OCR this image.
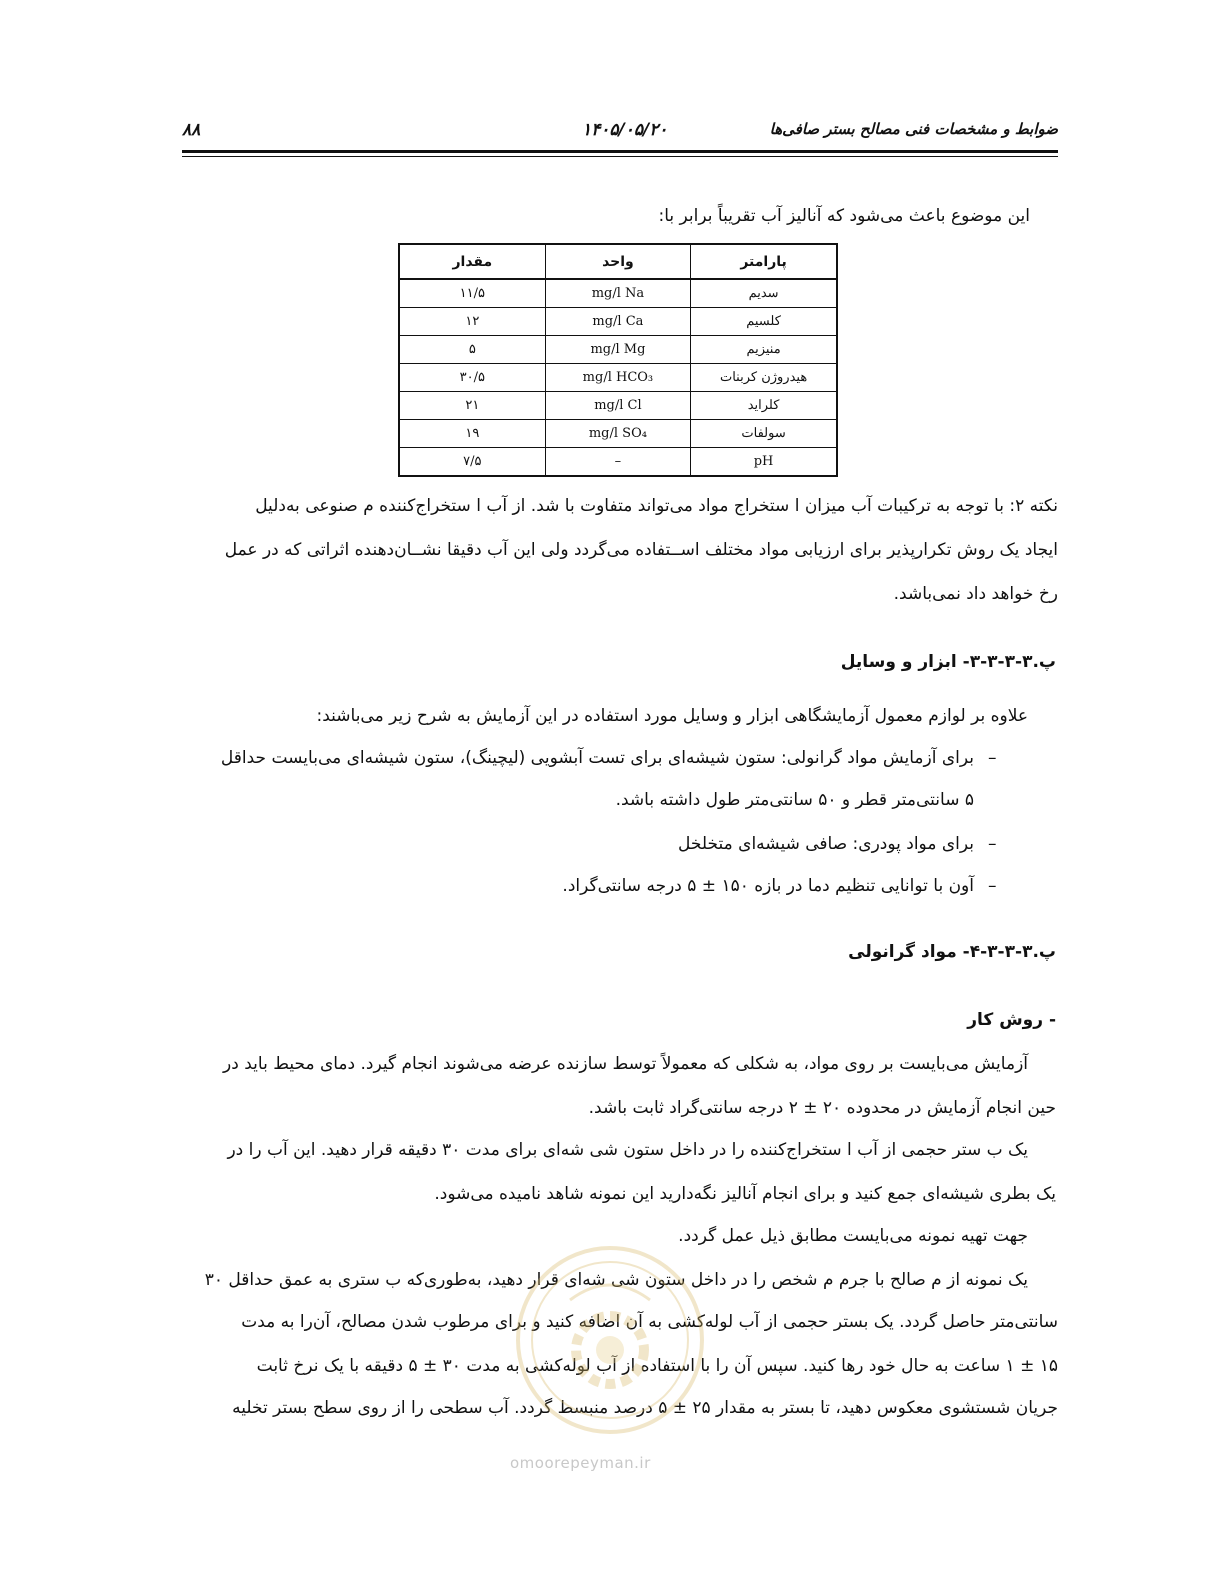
۸۸	۱۴۰۵/۰۵/۲۰	ضوابط و مشخصات فنی مصالح بستر صافی‌ها
این موضوع باعث می‌شود که آنالیز آب تقریباً برابر با:
پارامتر	واحد	مقدار
سدیم	mg/l Na	۱۱/۵
کلسیم	mg/l Ca	۱۲
منیزیم	mg/l Mg	۵
هیدروژن کربنات	mg/l HCO₃	۳۰/۵
کلراید	mg/l Cl	۲۱
سولفات	mg/l SO₄	۱۹
pH	–	۷/۵
نکته ۲: با توجه به ترکیبات آب میزان ا ستخراج مواد می‌تواند متفاوت با شد. از آب ا ستخراج‌کننده م صنوعی به‌دلیل
ایجاد یک روش تکرارپذیر برای ارزیابی مواد مختلف اســتفاده می‌گردد ولی این آب دقیقا نشــان‌دهنده اثراتی که در عمل
رخ خواهد داد نمی‌باشد.
پ.۳-۳-۳-۳- ابزار و وسایل
علاوه بر لوازم معمول آزمایشگاهی ابزار و وسایل مورد استفاده در این آزمایش به شرح زیر می‌باشند:
–
برای آزمایش مواد گرانولی: ستون شیشه‌ای برای تست آبشویی (لیچینگ)، ستون شیشه‌ای می‌بایست حداقل
۵ سانتی‌متر قطر و ۵۰ سانتی‌متر طول داشته باشد.
–
برای مواد پودری: صافی شیشه‌ای متخلخل
–
آون با توانایی تنظیم دما در بازه ۱۵۰ ± ۵ درجه سانتی‌گراد.
پ.۳-۳-۳-۴- مواد گرانولی
- روش کار
آزمایش می‌بایست بر روی مواد، به شکلی که معمولاً توسط سازنده عرضه می‌شوند انجام گیرد. دمای محیط باید در
حین انجام آزمایش در محدوده ۲۰ ± ۲ درجه سانتی‌گراد ثابت باشد.
یک ب ستر حجمی از آب ا ستخراج‌کننده را در داخل ستون شی شه‌ای برای مدت ۳۰ دقیقه قرار دهید. این آب را در
یک بطری شیشه‌ای جمع کنید و برای انجام آنالیز نگه‌دارید این نمونه شاهد نامیده می‌شود.
جهت تهیه نمونه می‌بایست مطابق ذیل عمل گردد.
یک نمونه از م صالح با جرم م شخص را در داخل ستون شی شه‌ای قرار دهید، به‌طوری‌که ب ستری به عمق حداقل ۳۰
سانتی‌متر حاصل گردد. یک بستر حجمی از آب لوله‌کشی به آن اضافه کنید و برای مرطوب شدن مصالح، آن‌را به مدت
۱۵ ± ۱ ساعت به حال خود رها کنید. سپس آن را با استفاده از آب لوله‌کشی به مدت ۳۰ ± ۵ دقیقه با یک نرخ ثابت
جریان شستشوی معکوس دهید، تا بستر به مقدار ۲۵ ± ۵ درصد منبسط گردد. آب سطحی را از روی سطح بستر تخلیه
omoorepeyman.ir
